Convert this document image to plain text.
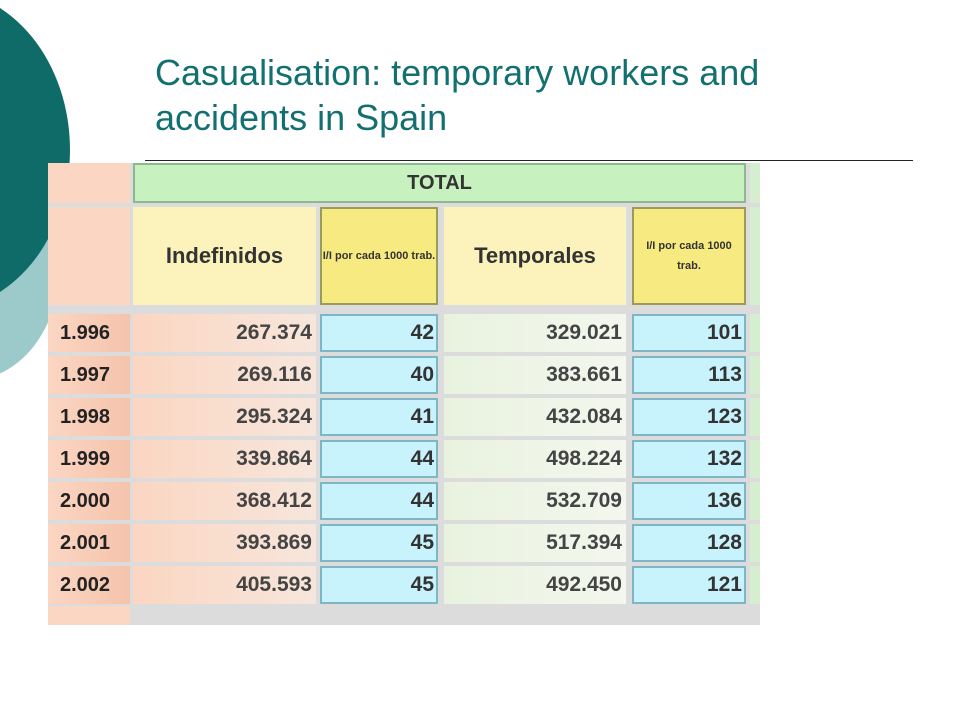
Casualisation: temporary workers and accidents in Spain
TOTAL
Indefinidos	I/I por cada 1000 trab.	Temporales	I/I por cada 1000 trab.
1.996	267.374	42	329.021	101
1.997	269.116	40	383.661	113
1.998	295.324	41	432.084	123
1.999	339.864	44	498.224	132
2.000	368.412	44	532.709	136
2.001	393.869	45	517.394	128
2.002	405.593	45	492.450	121
